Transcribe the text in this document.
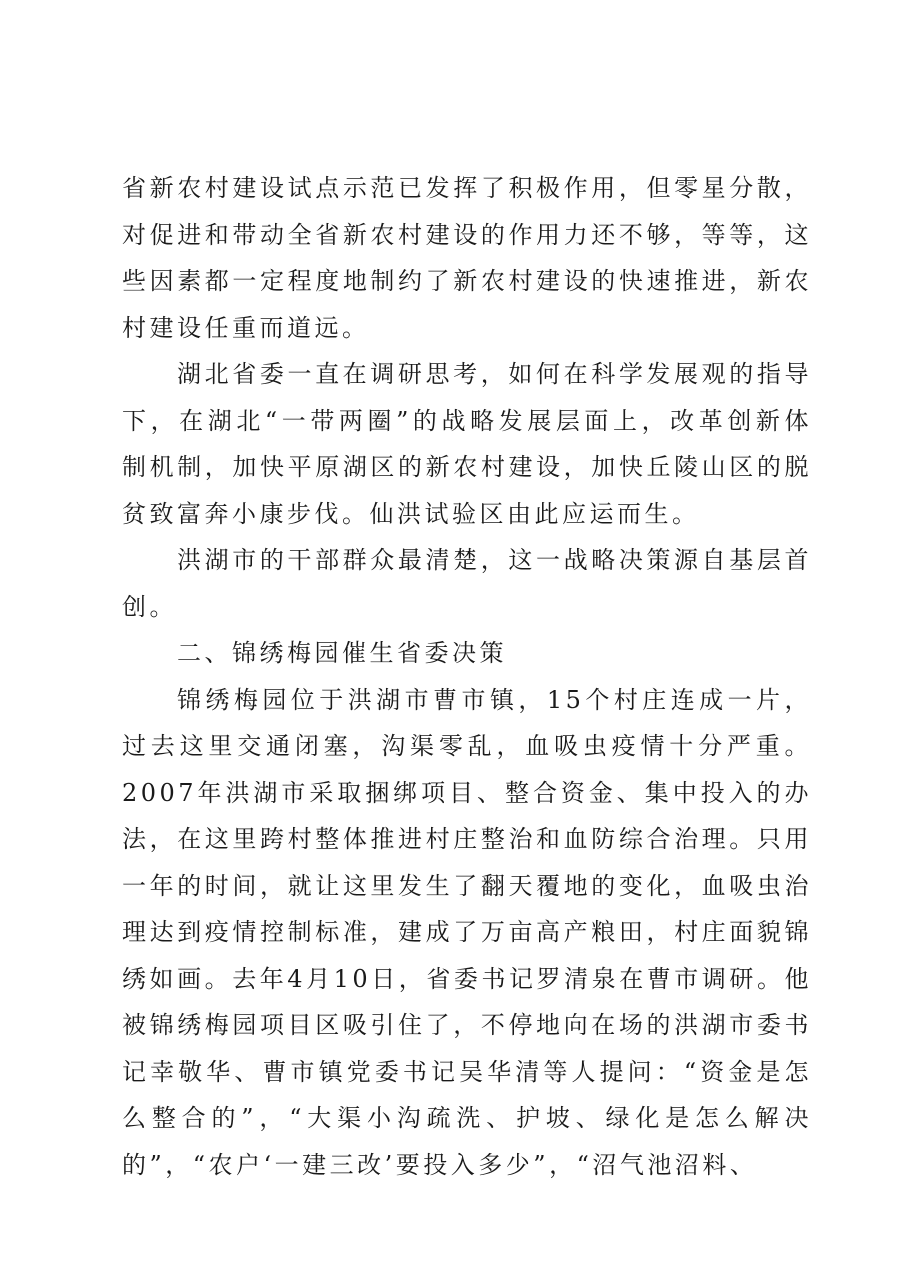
省新农村建设试点示范已发挥了积极作用，但零星分散，对促进和带动全省新农村建设的作用力还不够，等等，这些因素都一定程度地制约了新农村建设的快速推进，新农村建设任重而道远。

湖北省委一直在调研思考，如何在科学发展观的指导下，在湖北“一带两圈”的战略发展层面上，改革创新体制机制，加快平原湖区的新农村建设，加快丘陵山区的脱贫致富奔小康步伐。仙洪试验区由此应运而生。

洪湖市的干部群众最清楚，这一战略决策源自基层首创。

二、锦绣梅园催生省委决策

锦绣梅园位于洪湖市曹市镇，15个村庄连成一片，过去这里交通闭塞，沟渠零乱，血吸虫疫情十分严重。2007年洪湖市采取捆绑项目、整合资金、集中投入的办法，在这里跨村整体推进村庄整治和血防综合治理。只用一年的时间，就让这里发生了翻天覆地的变化，血吸虫治理达到疫情控制标准，建成了万亩高产粮田，村庄面貌锦绣如画。去年4月10日，省委书记罗清泉在曹市调研。他被锦绣梅园项目区吸引住了，不停地向在场的洪湖市委书记幸敬华、曹市镇党委书记吴华清等人提问：“资金是怎么整合的”，“大渠小沟疏洗、护坡、绿化是怎么解决的”，“农户‘一建三改’要投入多少”，“沼气池沼料、
